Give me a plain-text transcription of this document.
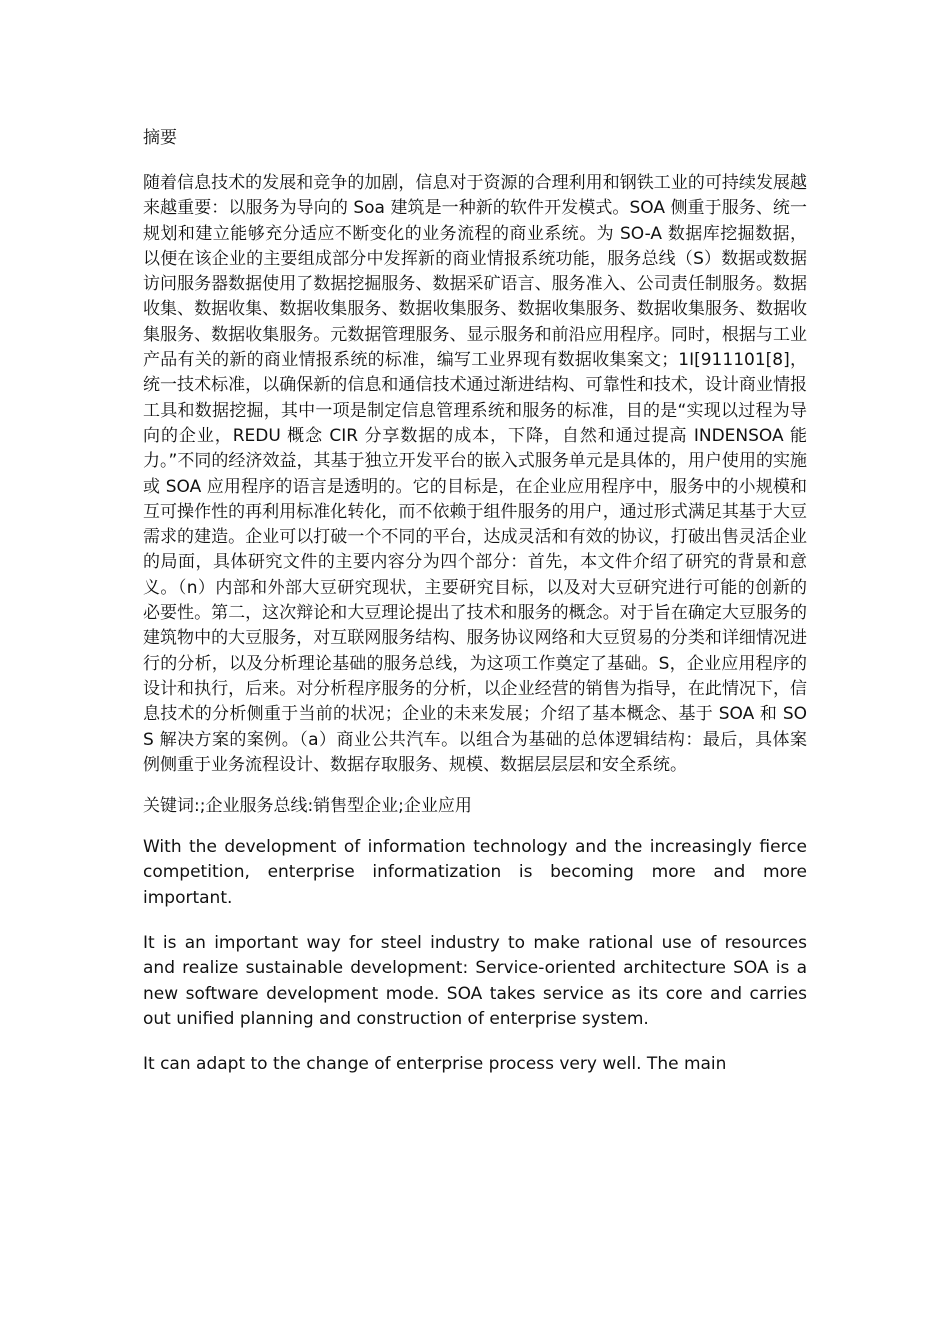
摘要
随着信息技术的发展和竞争的加剧，信息对于资源的合理利用和钢铁工业的可持续发展越来越重要：以服务为导向的 Soa 建筑是一种新的软件开发模式。SOA 侧重于服务、统一规划和建立能够充分适应不断变化的业务流程的商业系统。为 SO-A 数据库挖掘数据，以便在该企业的主要组成部分中发挥新的商业情报系统功能，服务总线（S）数据或数据访问服务器数据使用了数据挖掘服务、数据采矿语言、服务准入、公司责任制服务。数据收集、数据收集、数据收集服务、数据收集服务、数据收集服务、数据收集服务、数据收集服务、数据收集服务。元数据管理服务、显示服务和前沿应用程序。同时，根据与工业产品有关的新的商业情报系统的标准，编写工业界现有数据收集案文；1I[911101[8]，统一技术标准，以确保新的信息和通信技术通过渐进结构、可靠性和技术，设计商业情报工具和数据挖掘，其中一项是制定信息管理系统和服务的标准，目的是“实现以过程为导向的企业，REDU 概念 CIR 分享数据的成本，下降，自然和通过提高 INDENSOA 能力。”不同的经济效益，其基于独立开发平台的嵌入式服务单元是具体的，用户使用的实施或 SOA 应用程序的语言是透明的。它的目标是，在企业应用程序中，服务中的小规模和互可操作性的再利用标准化转化，而不依赖于组件服务的用户，通过形式满足其基于大豆需求的建造。企业可以打破一个不同的平台，达成灵活和有效的协议，打破出售灵活企业的局面，具体研究文件的主要内容分为四个部分：首先，本文件介绍了研究的背景和意义。（n）内部和外部大豆研究现状，主要研究目标，以及对大豆研究进行可能的创新的必要性。第二，这次辩论和大豆理论提出了技术和服务的概念。对于旨在确定大豆服务的建筑物中的大豆服务，对互联网服务结构、服务协议网络和大豆贸易的分类和详细情况进行的分析，以及分析理论基础的服务总线，为这项工作奠定了基础。S，企业应用程序的设计和执行，后来。对分析程序服务的分析，以企业经营的销售为指导，在此情况下，信息技术的分析侧重于当前的状况；企业的未来发展；介绍了基本概念、基于 SOA 和 SOS 解决方案的案例。（a）商业公共汽车。以组合为基础的总体逻辑结构：最后，具体案例侧重于业务流程设计、数据存取服务、规模、数据层层层和安全系统。
关键词:;企业服务总线:销售型企业;企业应用
With the development of information technology and the increasingly fierce competition, enterprise informatization is becoming more and more important.
It is an important way for steel industry to make rational use of resources and realize sustainable development: Service-oriented architecture SOA is a new software development mode. SOA takes service as its core and carries out unified planning and construction of enterprise system.
It can adapt to the change of enterprise process very well. The main
